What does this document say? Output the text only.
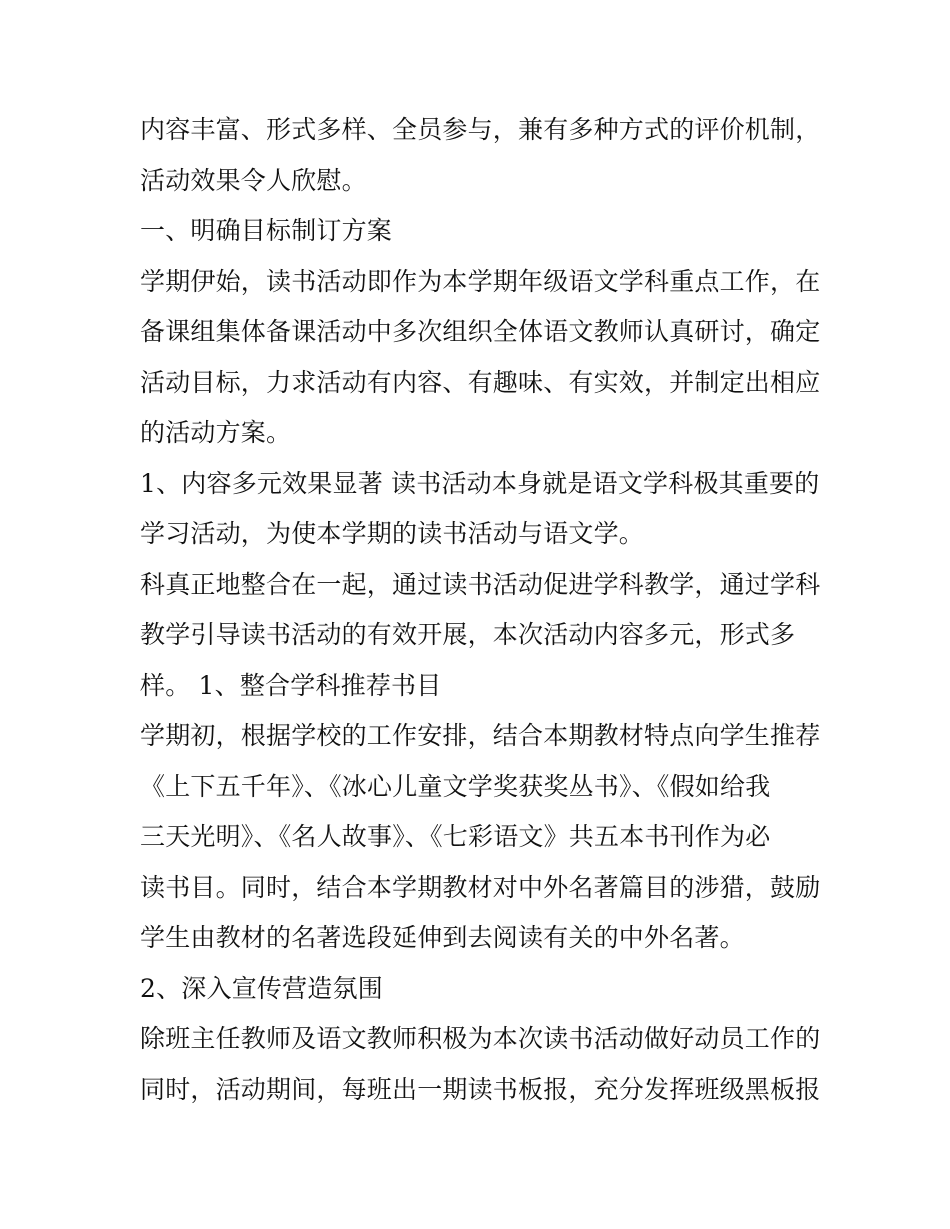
内容丰富、形式多样、全员参与，兼有多种方式的评价机制，
活动效果令人欣慰。
一、明确目标制订方案
学期伊始，读书活动即作为本学期年级语文学科重点工作，在
备课组集体备课活动中多次组织全体语文教师认真研讨，确定
活动目标，力求活动有内容、有趣味、有实效，并制定出相应
的活动方案。
1、内容多元效果显著 读书活动本身就是语文学科极其重要的
学习活动，为使本学期的读书活动与语文学。
科真正地整合在一起，通过读书活动促进学科教学，通过学科
教学引导读书活动的有效开展，本次活动内容多元，形式多
样。 1、整合学科推荐书目
学期初，根据学校的工作安排，结合本期教材特点向学生推荐
《上下五千年》、《冰心儿童文学奖获奖丛书》、《假如给我
三天光明》、《名人故事》、《七彩语文》共五本书刊作为必
读书目。同时，结合本学期教材对中外名著篇目的涉猎，鼓励
学生由教材的名著选段延伸到去阅读有关的中外名著。
2、深入宣传营造氛围
除班主任教师及语文教师积极为本次读书活动做好动员工作的
同时，活动期间，每班出一期读书板报，充分发挥班级黑板报
